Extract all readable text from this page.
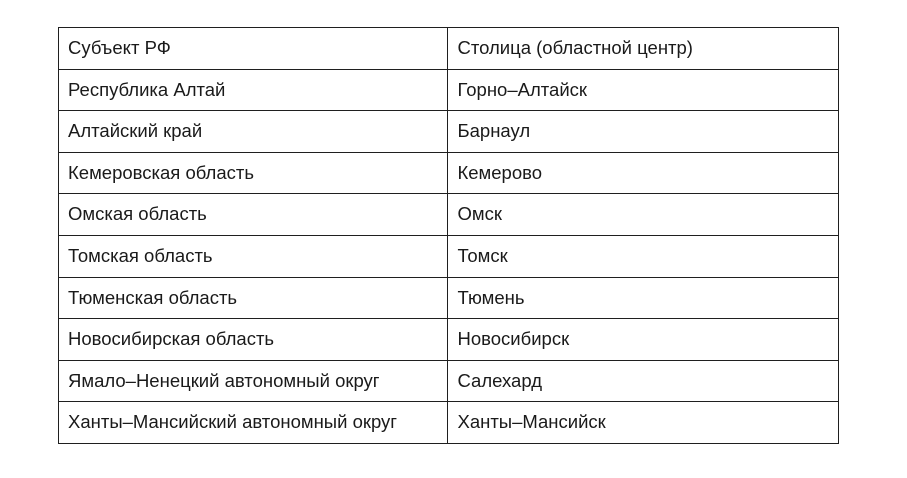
Субъект РФ	Столица (областной центр)
Республика Алтай	Горно–Алтайск
Алтайский край	Барнаул
Кемеровская область	Кемерово
Омская область	Омск
Томская область	Томск
Тюменская область	Тюмень
Новосибирская область	Новосибирск
Ямало–Ненецкий автономный округ	Салехард
Ханты–Мансийский автономный округ	Ханты–Мансийск
